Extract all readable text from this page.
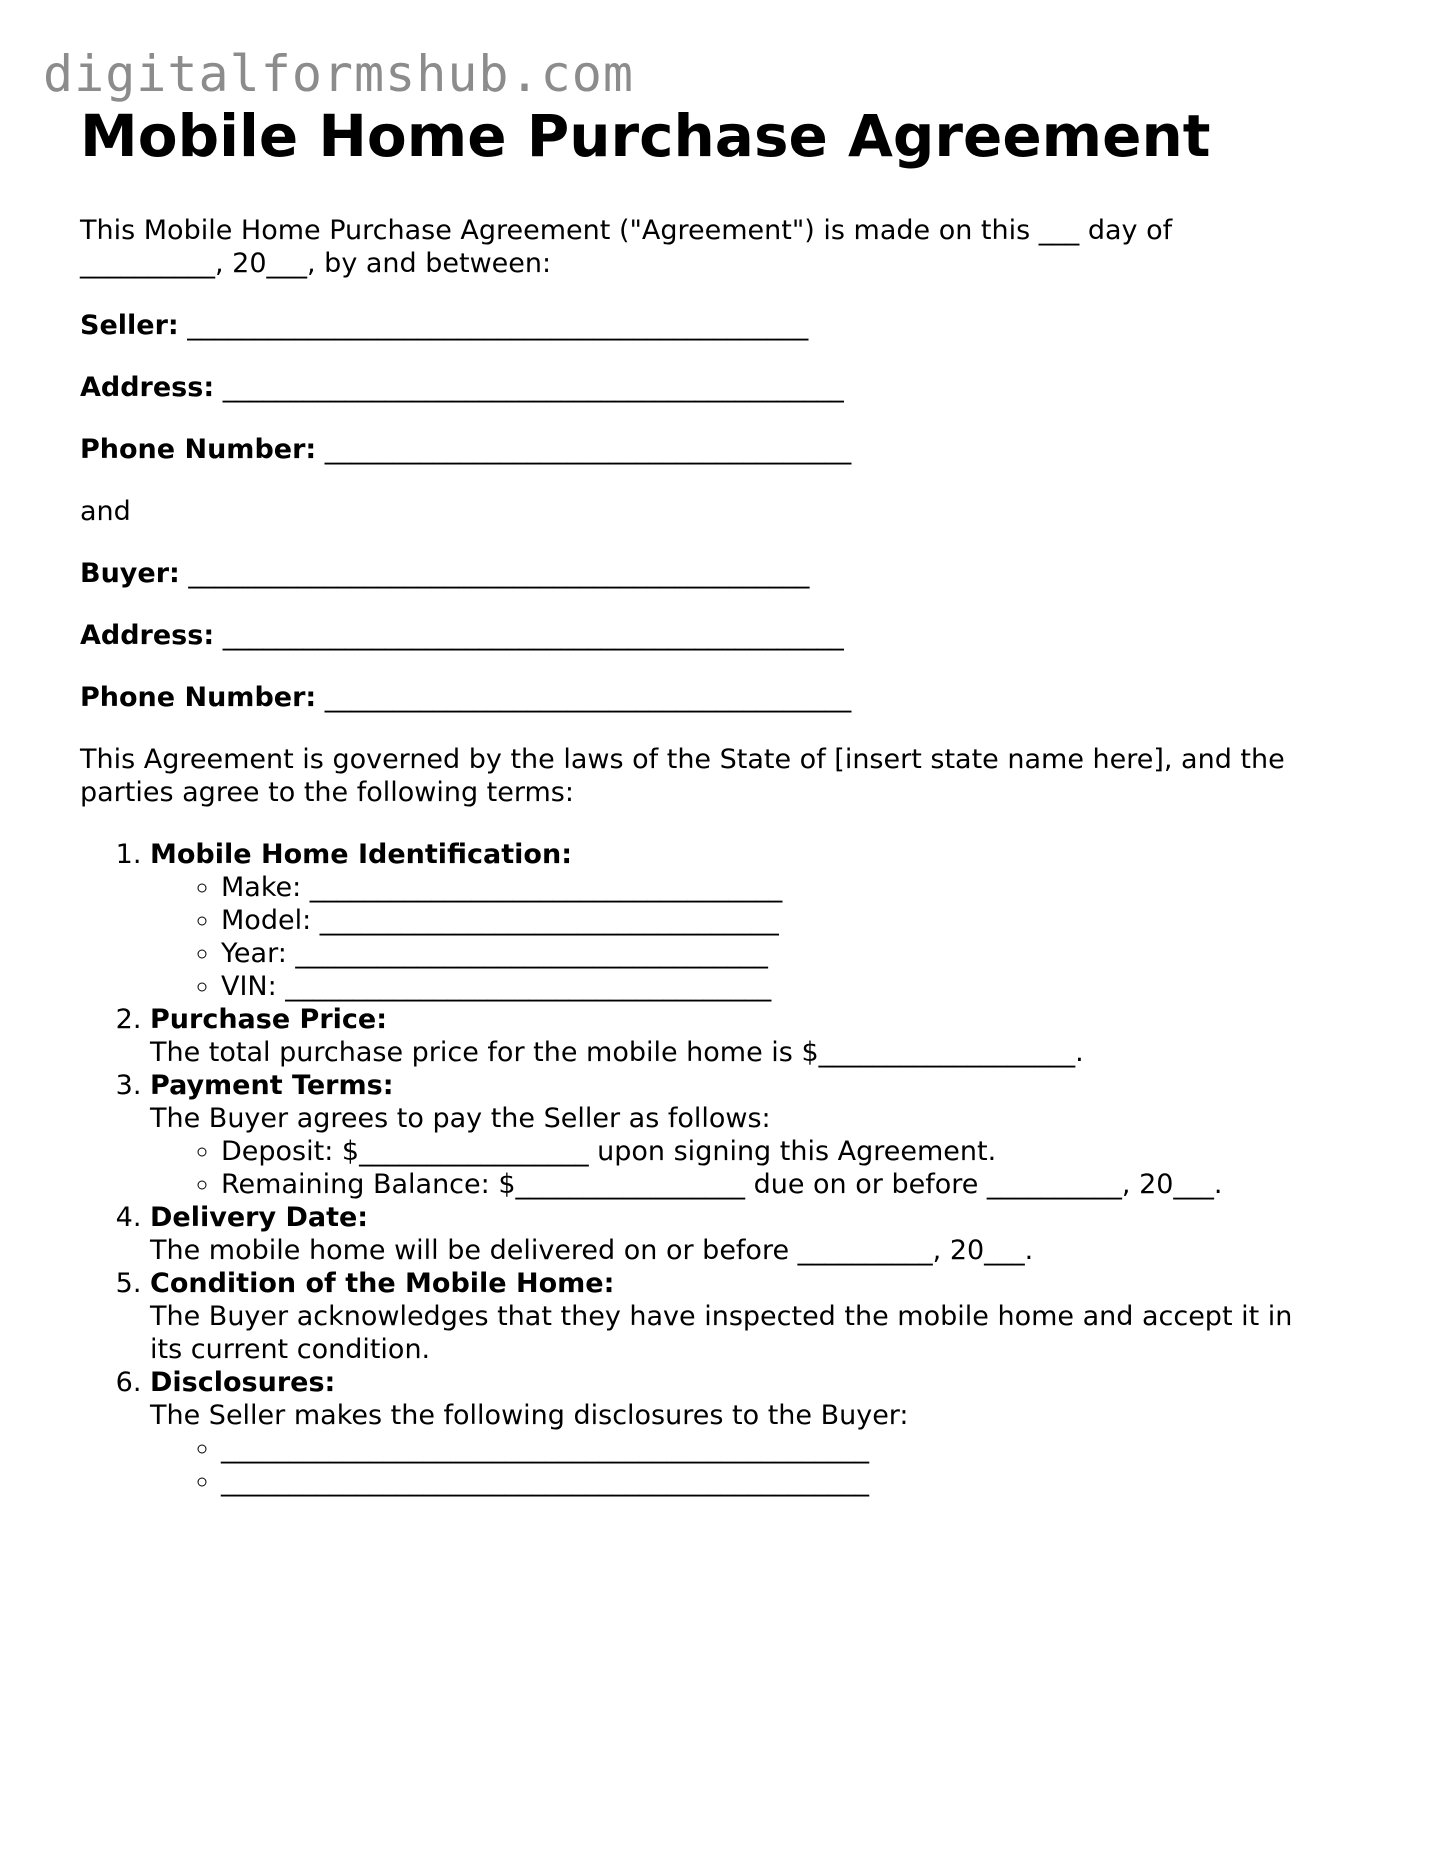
digitalformshub.com
Mobile Home Purchase Agreement

This Mobile Home Purchase Agreement ("Agreement") is made on this ___ day of
__________, 20___, by and between:

Seller: ______________________________________________

Address: ______________________________________________

Phone Number: _______________________________________

and

Buyer: ______________________________________________

Address: ______________________________________________

Phone Number: _______________________________________

This Agreement is governed by the laws of the State of [insert state name here], and the
parties agree to the following terms:

1. Mobile Home Identification:
◦ Make: ___________________________________
◦ Model: __________________________________
◦ Year: ___________________________________
◦ VIN: ____________________________________
2. Purchase Price:

The total purchase price for the mobile home is $___________________.

3. Payment Terms:

The Buyer agrees to pay the Seller as follows:

◦ Deposit: $_________________ upon signing this Agreement.
◦ Remaining Balance: $_________________ due on or before __________, 20___.
4. Delivery Date:

The mobile home will be delivered on or before __________, 20___.

5. Condition of the Mobile Home:

The Buyer acknowledges that they have inspected the mobile home and accept it in
its current condition.

6. Disclosures:

The Seller makes the following disclosures to the Buyer:

◦ ________________________________________________
◦ ________________________________________________
